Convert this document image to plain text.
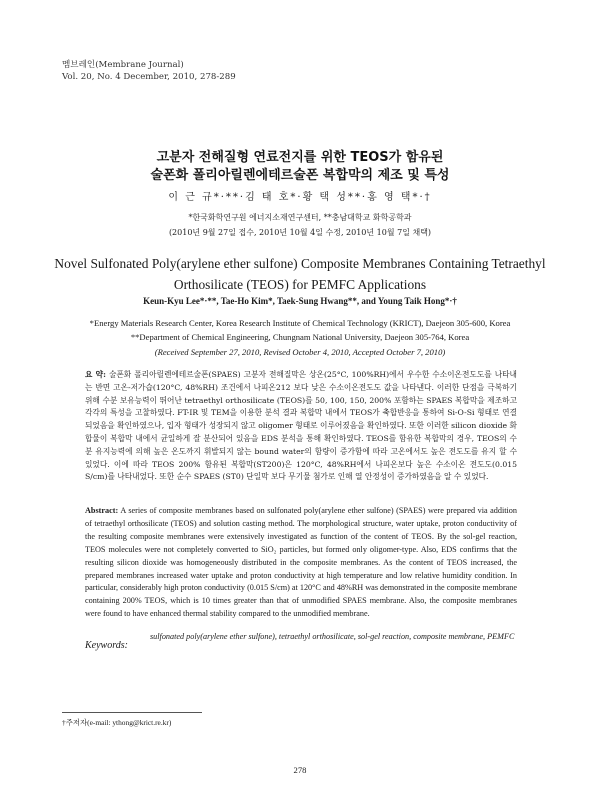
멤브레인(Membrane Journal)
Vol. 20, No. 4 December, 2010, 278-289
고분자 전해질형 연료전지를 위한 TEOS가 함유된
술폰화 폴리아릴렌에테르술폰 복합막의 제조 및 특성
이 근 규*·**·김 태 호*·황 택 성**·홍 영 택*·†
*한국화학연구원 에너지소재연구센터, **충남대학교 화학공학과
(2010년 9월 27일 접수, 2010년 10월 4일 수정, 2010년 10월 7일 채택)
Novel Sulfonated Poly(arylene ether sulfone) Composite Membranes Containing Tetraethyl
Orthosilicate (TEOS) for PEMFC Applications
Keun-Kyu Lee*·**, Tae-Ho Kim*, Taek-Sung Hwang**, and Young Taik Hong*·†
*Energy Materials Research Center, Korea Research Institute of Chemical Technology (KRICT), Daejeon 305-600, Korea
**Department of Chemical Engineering, Chungnam National University, Daejeon 305-764, Korea
(Received September 27, 2010, Revised October 4, 2010, Accepted October 7, 2010)
요 약: 술폰화 폴리아릴렌에테르술폰(SPAES) 고분자 전해질막은 상온(25°C, 100%RH)에서 우수한 수소이온전도도를 나타내는 반면 고온-저가습(120°C, 48%RH) 조건에서 나피온212 보다 낮은 수소이온전도도 값을 나타낸다. 이러한 단점을 극복하기 위해 수분 보유능력이 뛰어난 tetraethyl orthosilicate (TEOS)를 50, 100, 150, 200% 포함하는 SPAES 복합막을 제조하고 각각의 특성을 고찰하였다. FT-IR 및 TEM을 이용한 분석 결과 복합막 내에서 TEOS가 축합반응을 통하여 Si-O-Si 형태로 연결되었음을 확인하였으나, 입자 형태가 성장되지 않고 oligomer 형태로 이루어졌음을 확인하였다. 또한 이러한 silicon dioxide 화합물이 복합막 내에서 균일하게 잘 분산되어 있음을 EDS 분석을 통해 확인하였다. TEOS를 함유한 복합막의 경우, TEOS의 수분 유지능력에 의해 높은 온도까지 휘발되지 않는 bound water의 함량이 증가함에 따라 고온에서도 높은 전도도를 유지 할 수 있었다. 이에 따라 TEOS 200% 함유된 복합막(ST200)은 120°C, 48%RH에서 나피온보다 높은 수소이온 전도도(0.015 S/cm)를 나타내었다. 또한 순수 SPAES (ST0) 단일막 보다 무기물 첨가로 인해 열 안정성이 증가하였음을 알 수 있었다.
Abstract: A series of composite membranes based on sulfonated poly(arylene ether sulfone) (SPAES) were prepared via addition of tetraethyl orthosilicate (TEOS) and solution casting method. The morphological structure, water uptake, proton conductivity of the resulting composite membranes were extensively investigated as function of the content of TEOS. By the sol-gel reaction, TEOS molecules were not completely converted to SiO₂ particles, but formed only oligomer-type. Also, EDS confirms that the resulting silicon dioxide was homogeneously distributed in the composite membranes. As the content of TEOS increased, the prepared membranes increased water uptake and proton conductivity at high temperature and low relative humidity condition. In particular, considerably high proton conductivity (0.015 S/cm) at 120°C and 48%RH was demonstrated in the composite membrane containing 200% TEOS, which is 10 times greater than that of unmodified SPAES membrane. Also, the composite membranes were found to have enhanced thermal stability compared to the unmodified membrane.
Keywords:
sulfonated poly(arylene ether sulfone), tetraethyl orthosilicate, sol-gel reaction, composite membrane, PEMFC
†주저자(e-mail: ythong@krict.re.kr)
278
